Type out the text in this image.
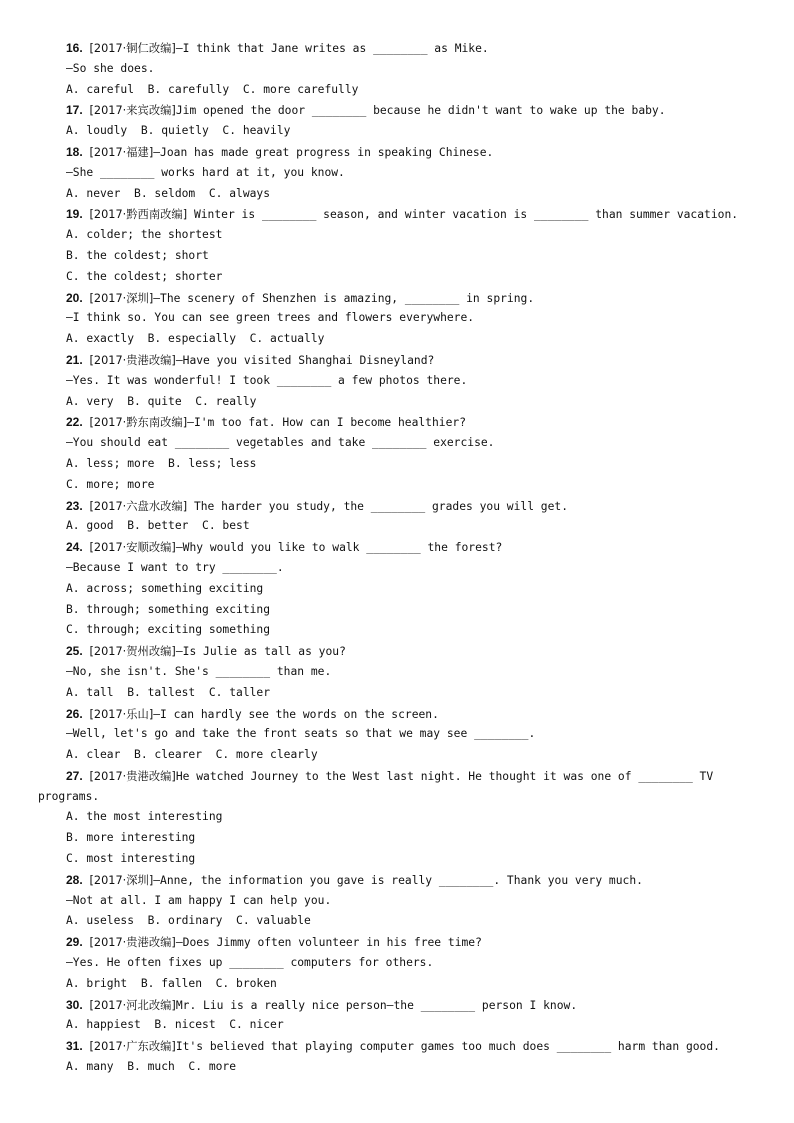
16. [2017·铜仁改编]—I think that Jane writes as ________ as Mike.
—So she does.
A. careful  B. carefully  C. more carefully
17. [2017·来宾改编]Jim opened the door ________ because he didn't want to wake up the baby.
A. loudly  B. quietly  C. heavily
18. [2017·福建]—Joan has made great progress in speaking Chinese.
—She ________ works hard at it, you know.
A. never  B. seldom  C. always
19. [2017·黔西南改编] Winter is ________ season, and winter vacation is ________ than summer vacation.
A. colder; the shortest
B. the coldest; short
C. the coldest; shorter
20. [2017·深圳]—The scenery of Shenzhen is amazing, ________ in spring.
—I think so. You can see green trees and flowers everywhere.
A. exactly  B. especially  C. actually
21. [2017·贵港改编]—Have you visited Shanghai Disneyland?
—Yes. It was wonderful! I took ________ a few photos there.
A. very  B. quite  C. really
22. [2017·黔东南改编]—I'm too fat. How can I become healthier?
—You should eat ________ vegetables and take ________ exercise.
A. less; more  B. less; less
C. more; more
23. [2017·六盘水改编] The harder you study, the ________ grades you will get.
A. good  B. better  C. best
24. [2017·安顺改编]—Why would you like to walk ________ the forest?
—Because I want to try ________.
A. across; something exciting
B. through; something exciting
C. through; exciting something
25. [2017·贺州改编]—Is Julie as tall as you?
—No, she isn't. She's ________ than me.
A. tall  B. tallest  C. taller
26. [2017·乐山]—I can hardly see the words on the screen.
—Well, let's go and take the front seats so that we may see ________.
A. clear  B. clearer  C. more clearly
27. [2017·贵港改编]He watched Journey to the West last night. He thought it was one of ________ TV
programs.
A. the most interesting
B. more interesting
C. most interesting
28. [2017·深圳]—Anne, the information you gave is really ________. Thank you very much.
—Not at all. I am happy I can help you.
A. useless  B. ordinary  C. valuable
29. [2017·贵港改编]—Does Jimmy often volunteer in his free time?
—Yes. He often fixes up ________ computers for others.
A. bright  B. fallen  C. broken
30. [2017·河北改编]Mr. Liu is a really nice person—the ________ person I know.
A. happiest  B. nicest  C. nicer
31. [2017·广东改编]It's believed that playing computer games too much does ________ harm than good.
A. many  B. much  C. more
